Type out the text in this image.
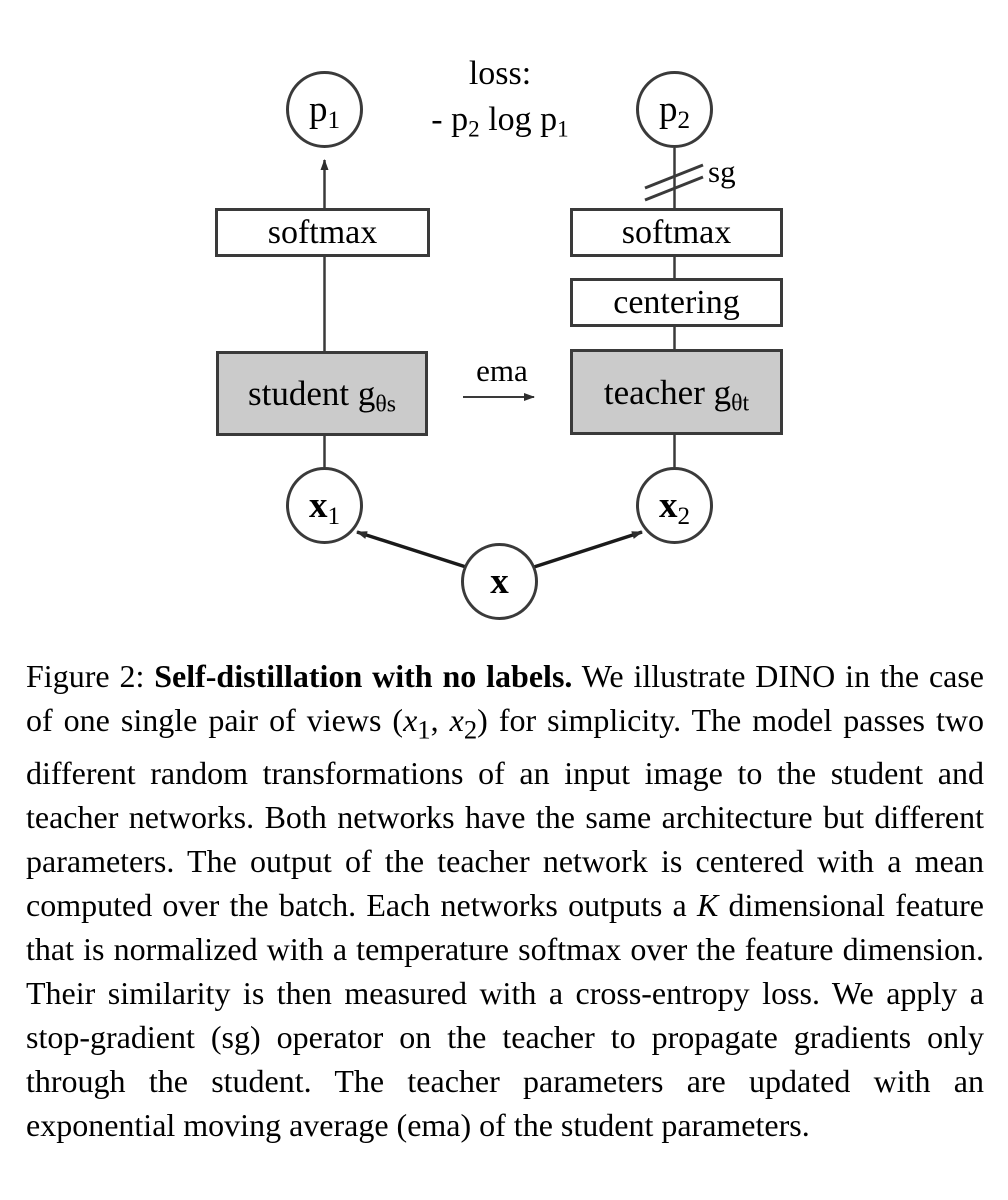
$p_1$	$p_2$
$x_1$	$x_2$
x
softmax	softmax
centering
student $g_{\theta s}$	teacher $g_{\theta t}$
loss:
- $p_2$ $\log p_1$
sg
ema

Figure 2: Self-distillation with no labels. We illustrate DINO in the case of one single pair of views ($x_1$, $x_2$) for simplicity. The model passes two different random transformations of an input image to the student and teacher networks. Both networks have the same architecture but different parameters. The output of the teacher network is centered with a mean computed over the batch. Each networks outputs a K dimensional feature that is normalized with a temperature softmax over the feature dimension. Their similarity is then measured with a cross-entropy loss. We apply a stop-gradient (sg) operator on the teacher to propagate gradients only through the student. The teacher parameters are updated with an exponential moving average (ema) of the student parameters.
